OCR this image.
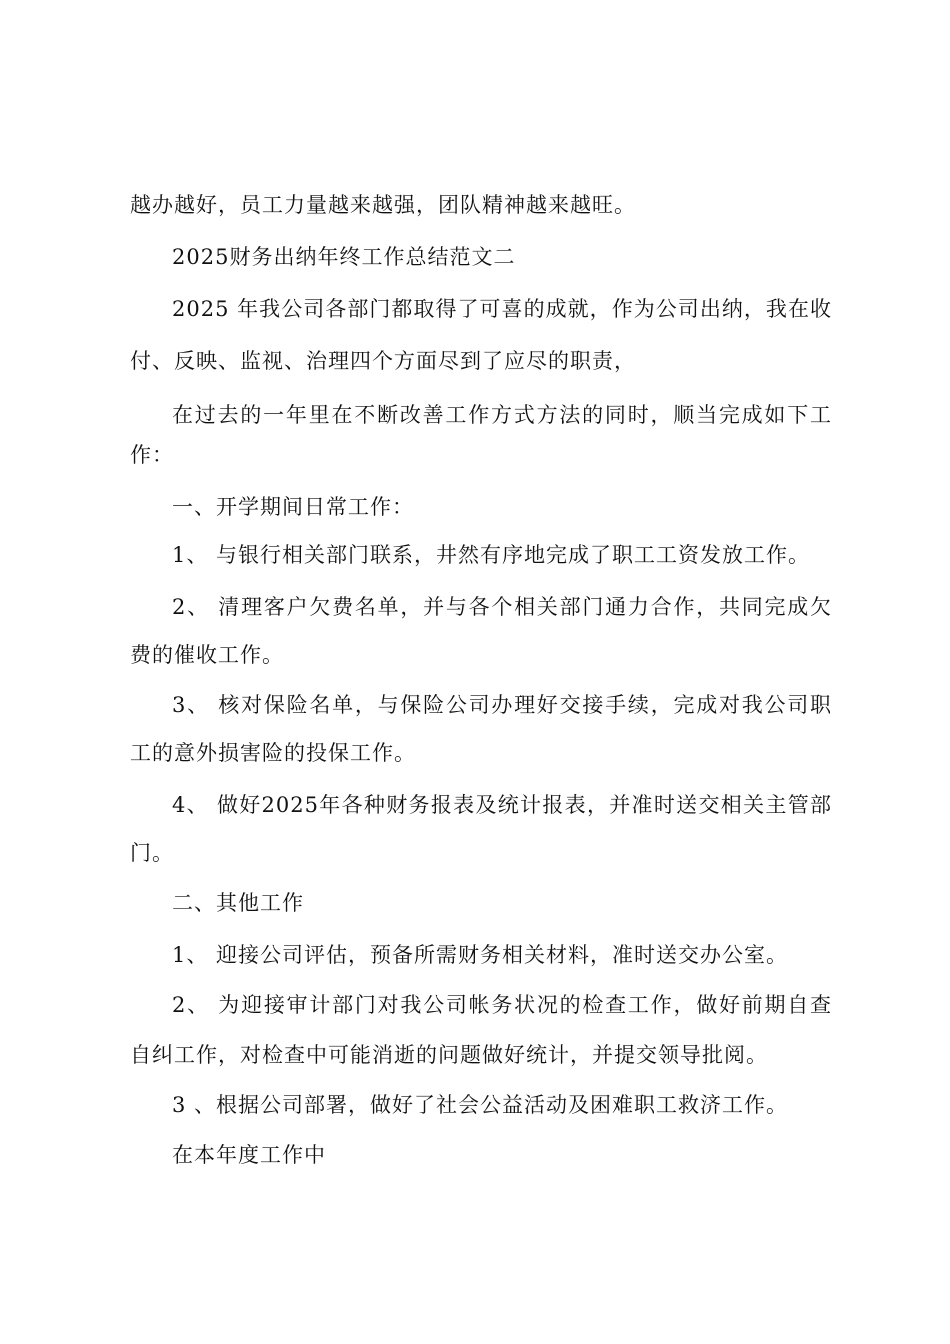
越办越好，员工力量越来越强，团队精神越来越旺。
2025财务出纳年终工作总结范文二
2025 年我公司各部门都取得了可喜的成就，作为公司出纳，我在收
付、反映、监视、治理四个方面尽到了应尽的职责，
在过去的一年里在不断改善工作方式方法的同时，顺当完成如下工
作：
一、开学期间日常工作：
1、 与银行相关部门联系，井然有序地完成了职工工资发放工作。
2、 清理客户欠费名单，并与各个相关部门通力合作，共同完成欠
费的催收工作。
3、 核对保险名单，与保险公司办理好交接手续，完成对我公司职
工的意外损害险的投保工作。
4、 做好2025年各种财务报表及统计报表，并准时送交相关主管部
门。
二、其他工作
1、 迎接公司评估，预备所需财务相关材料，准时送交办公室。
2、 为迎接审计部门对我公司帐务状况的检查工作，做好前期自查
自纠工作，对检查中可能消逝的问题做好统计，并提交领导批阅。
3 、根据公司部署，做好了社会公益活动及困难职工救济工作。
在本年度工作中
